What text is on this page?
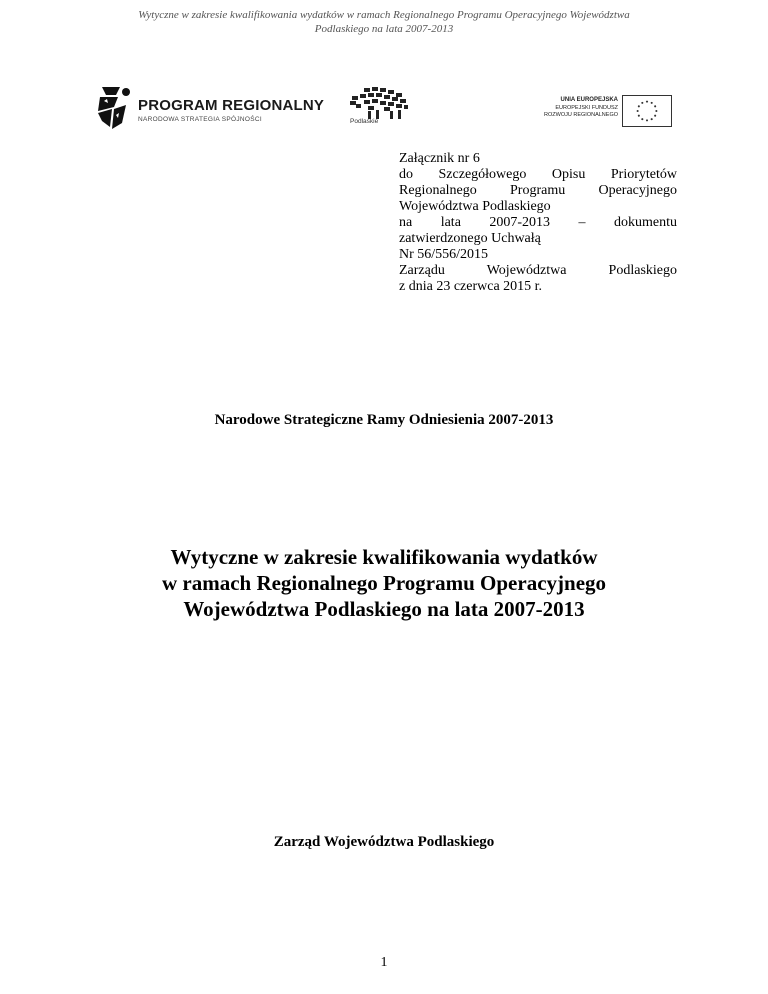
Wytyczne w zakresie kwalifikowania wydatków w ramach Regionalnego Programu Operacyjnego Województwa
Podlaskiego na lata 2007-2013
PROGRAM REGIONALNY
NARODOWA STRATEGIA SPÓJNOŚCI	Podlaskie
UNIA EUROPEJSKA
EUROPEJSKI FUNDUSZ
ROZWOJU REGIONALNEGO
Załącznik nr 6
do Szczegółowego Opisu Priorytetów
Regionalnego Programu Operacyjnego
Województwa Podlaskiego
na lata 2007-2013 – dokumentu
zatwierdzonego Uchwałą
Nr 56/556/2015
Zarządu Województwa Podlaskiego
z dnia 23 czerwca 2015 r.
Narodowe Strategiczne Ramy Odniesienia 2007-2013
Wytyczne w zakresie kwalifikowania wydatków
w ramach Regionalnego Programu Operacyjnego
Województwa Podlaskiego na lata 2007-2013
Zarząd Województwa Podlaskiego
1
